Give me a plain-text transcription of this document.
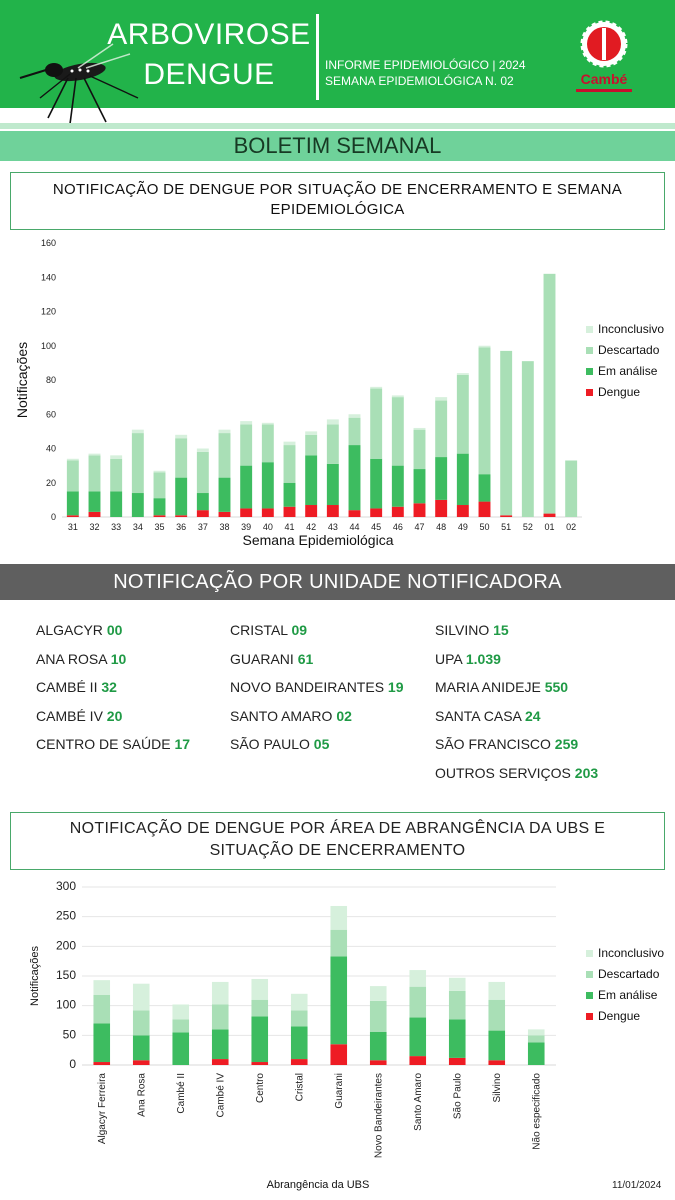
ARBOVIROSE
DENGUE	INFORME EPIDEMIOLÓGICO | 2024
SEMANA EPIDEMIOLÓGICA N. 02	Cambé
BOLETIM SEMANAL
NOTIFICAÇÃO DE DENGUE POR SITUAÇÃO DE ENCERRAMENTO E SEMANA
EPIDEMIOLÓGICA
0
20
40
60
80
100
120
140
160
31 32 33 34 35 36 37 38 39 40 41 42 43 44 45 46 47 48 49 50 51 52 01 02
Semana Epidemiológica
Notificações
Inconclusivo
Descartado
Em análise
Dengue
NOTIFICAÇÃO POR UNIDADE NOTIFICADORA
ALGACYR 00
ANA ROSA 10
CAMBÉ II 32
CAMBÉ IV 20
CENTRO DE SAÚDE 17
CRISTAL 09
GUARANI 61
NOVO BANDEIRANTES 19
SANTO AMARO 02
SÃO PAULO 05
SILVINO 15
UPA 1.039
MARIA ANIDEJE 550
SANTA CASA 24
SÃO FRANCISCO 259
OUTROS SERVIÇOS 203
NOTIFICAÇÃO DE DENGUE POR ÁREA DE ABRANGÊNCIA DA UBS E
SITUAÇÃO DE ENCERRAMENTO
0
50
100
150
200
250
300
Algacyr Ferreira	Ana Rosa	Cambé II	Cambé IV	Centro	Cristal	Guarani	Novo Bandeirantes	Santo Amaro	São Paulo	Silvino	Não especificado
Abrangência da UBS
Notificações	Inconclusivo
Descartado
Em análise
Dengue
11/01/2024
